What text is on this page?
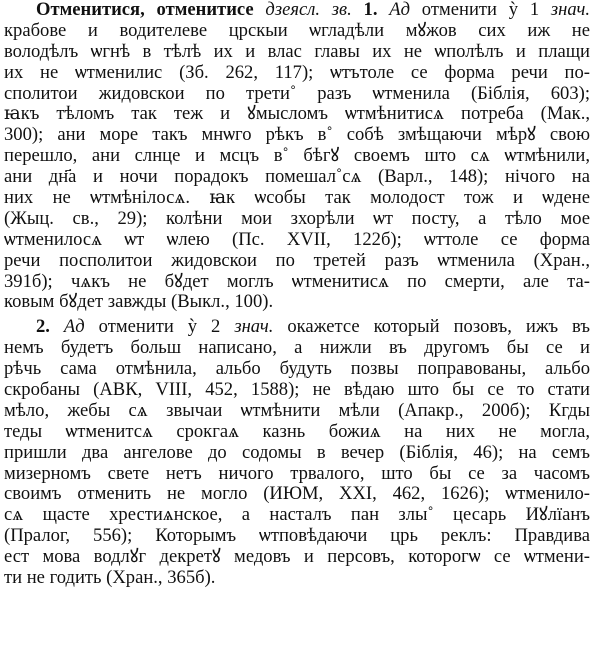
Отменитися, отменитисе дзеясл. зв. 1. Ад отменити ỳ 1 знач.
крабове и водителеве црскыи ѡгладѣли мꙋжов сих иж не
володѣлъ ѡгнѣ в тѣлѣ их и влас главы их не ѡполѣлъ и плащи
их не ѡтменилис (Зб. 262, 117); ѡтътоле се форма речи по-
сполитои жидовскои по трети˚ разъ ѡтменила (Біблія, 603);
ꙗкъ тѣломъ так теж и ꙋмысломъ ѡтмѣнитисѧ потреба (Мак.,
300); ани море такъ мнѡго рѣкъ в˚ собѣ змѣщаючи мѣрꙋ свою
перешло, ани слнце и мсцъ в˚ бѣгꙋ своемъ што сѧ ѡтмѣнили,
ани дн҃а и ночи порадокъ помешал˚сѧ (Варл., 148); нічого на
них не ѡтмѣнілосѧ. ꙗк ѡсобы так молодост тож и ѡдене
(Жыц. св., 29); колѣни мои зхорѣли ѡт посту, а тѣло мое
ѡтменилосѧ ѡт ѡлею (Пс. XVII, 122б); ѡттоле се форма
речи посполитои жидовскои по третей разъ ѡтменила (Хран.,
391б); чѧкъ не бꙋдет моглъ ѡтменитисѧ по смерти, але та-
ковым бꙋдет завжды (Выкл., 100).
2. Ад отменити ỳ 2 знач. окажетсе который позовъ, ижъ въ
немъ будетъ больш написано, а нижли въ другомъ бы се и
рѣчь сама отмѣнила, альбо будуть позвы поправованы, альбо
скробаны (АВК, VIII, 452, 1588); не вѣдаю што бы се то стати
мѣло, жебы сѧ звычаи ѡтмѣнити мѣли (Апакр., 200б); Кгды
теды ѡтменитсѧ срокгаѧ казнь божиѧ на них не могла,
пришли два ангелове до содомы в вечер (Біблія, 46); на семъ
мизерномъ свете нетъ ничого трвалого, што бы се за часомъ
своимъ отменить не могло (ИЮМ, XXI, 462, 1626); ѡтменило-
сѧ щасте хрестиѧнское, а насталъ пан злы˚ цесарь Иꙋлїанъ
(Пралог, 556); Которымъ ѡтповѣдаючи црь реклъ: Правдива
ест мова водлꙋг декретꙋ медовъ и персовъ, которогѡ се ѡтмени-
ти не годить (Хран., 365б).
